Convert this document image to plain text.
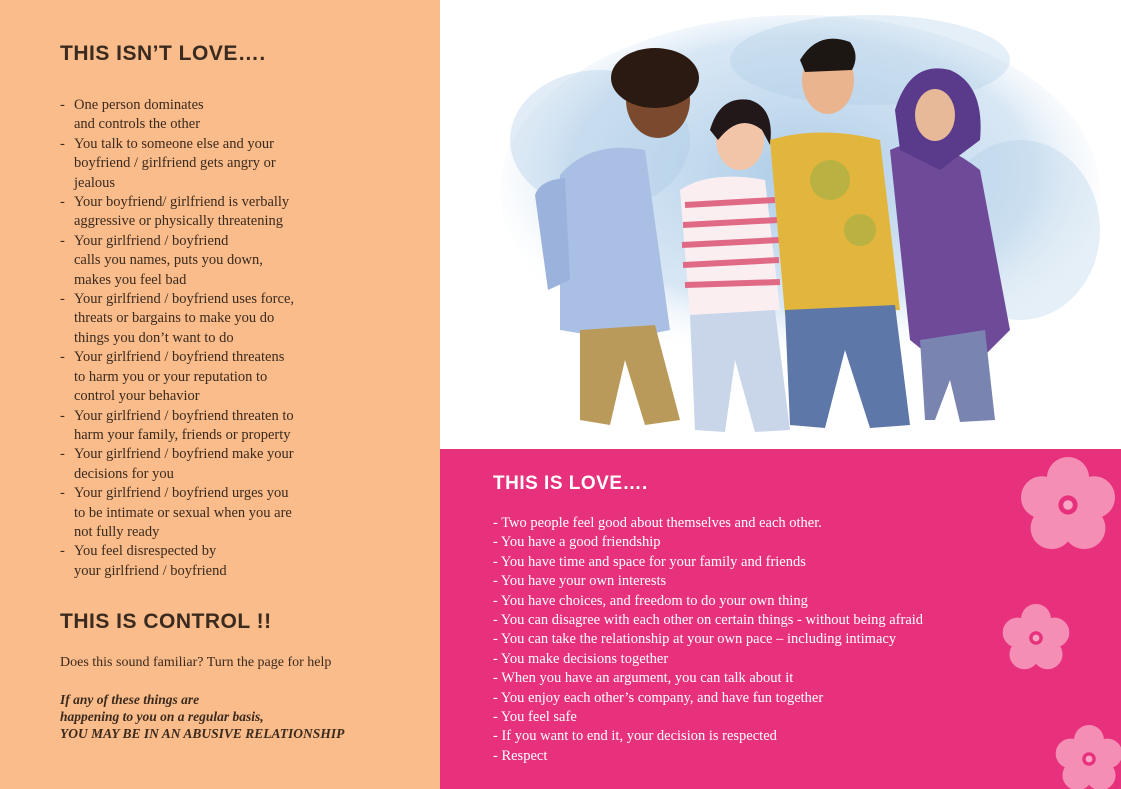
THIS ISN’T LOVE….
- One person dominates
and controls the other
- You talk to someone else and your
boyfriend / girlfriend gets angry or
jealous
- Your boyfriend/ girlfriend is verbally
aggressive or physically threatening
- Your girlfriend / boyfriend
calls you names, puts you down,
makes you feel bad
- Your girlfriend / boyfriend uses force,
threats or bargains to make you do
things you don’t want to do
- Your girlfriend / boyfriend threatens
to harm you or your reputation to
control your behavior
- Your girlfriend / boyfriend threaten to
harm your family, friends or property
- Your girlfriend / boyfriend make your
decisions for you
- Your girlfriend / boyfriend urges you
to be intimate or sexual when you are
not fully ready
- You feel disrespected by
your girlfriend / boyfriend
THIS IS CONTROL !!
Does this sound familiar? Turn the page for help
If any of these things are
happening to you on a regular basis,
YOU MAY BE IN AN ABUSIVE RELATIONSHIP
THIS IS LOVE….
- Two people feel good about themselves and each other.
- You have a good friendship
- You have time and space for your family and friends
- You have your own interests
- You have choices, and freedom to do your own thing
- You can disagree with each other on certain things - without being afraid
- You can take the relationship at your own pace – including intimacy
- You make decisions together
- When you have an argument, you can talk about it
- You enjoy each other’s company, and have fun together
- You feel safe
- If you want to end it, your decision is respected
- Respect
